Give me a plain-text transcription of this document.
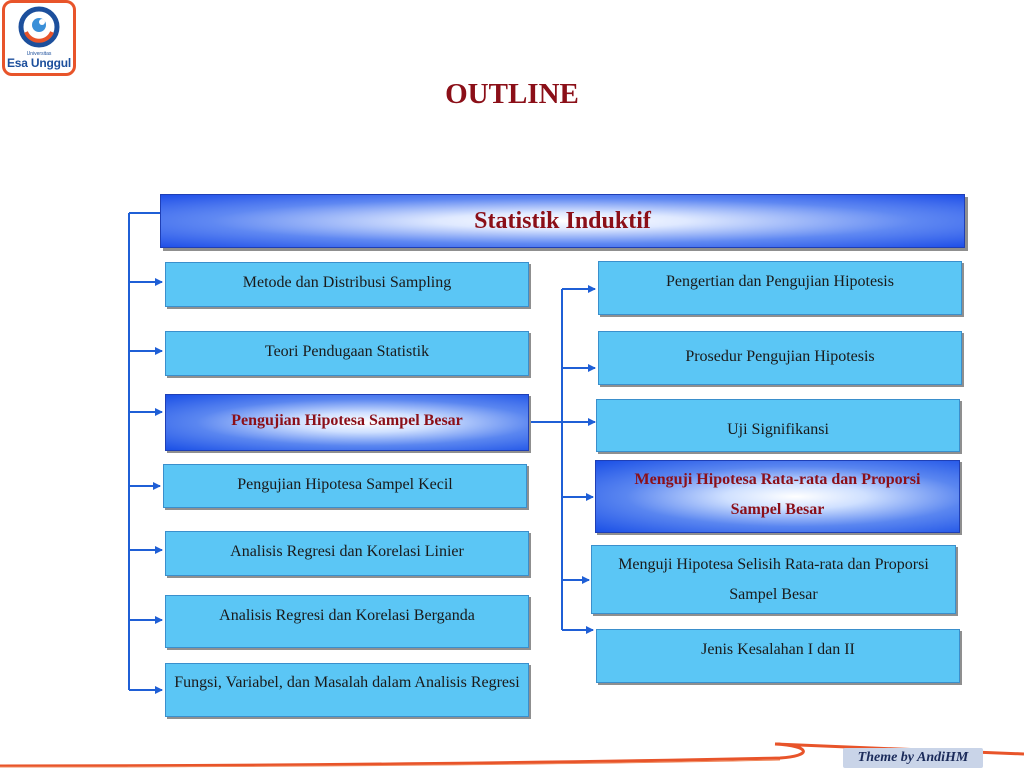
Universitas
Esa Unggul
OUTLINE
Statistik Induktif
Metode dan Distribusi Sampling
Teori Pendugaan Statistik
Pengujian Hipotesa Sampel Besar
Pengujian Hipotesa Sampel Kecil
Analisis Regresi dan Korelasi Linier
Analisis Regresi dan Korelasi Berganda
Fungsi, Variabel, dan Masalah dalam Analisis Regresi
Pengertian dan Pengujian Hipotesis
Prosedur Pengujian Hipotesis
Uji Signifikansi
Menguji Hipotesa Rata-rata dan Proporsi Sampel Besar
Menguji Hipotesa Selisih Rata-rata dan Proporsi Sampel Besar
Jenis Kesalahan I dan II
Theme by AndiHM
